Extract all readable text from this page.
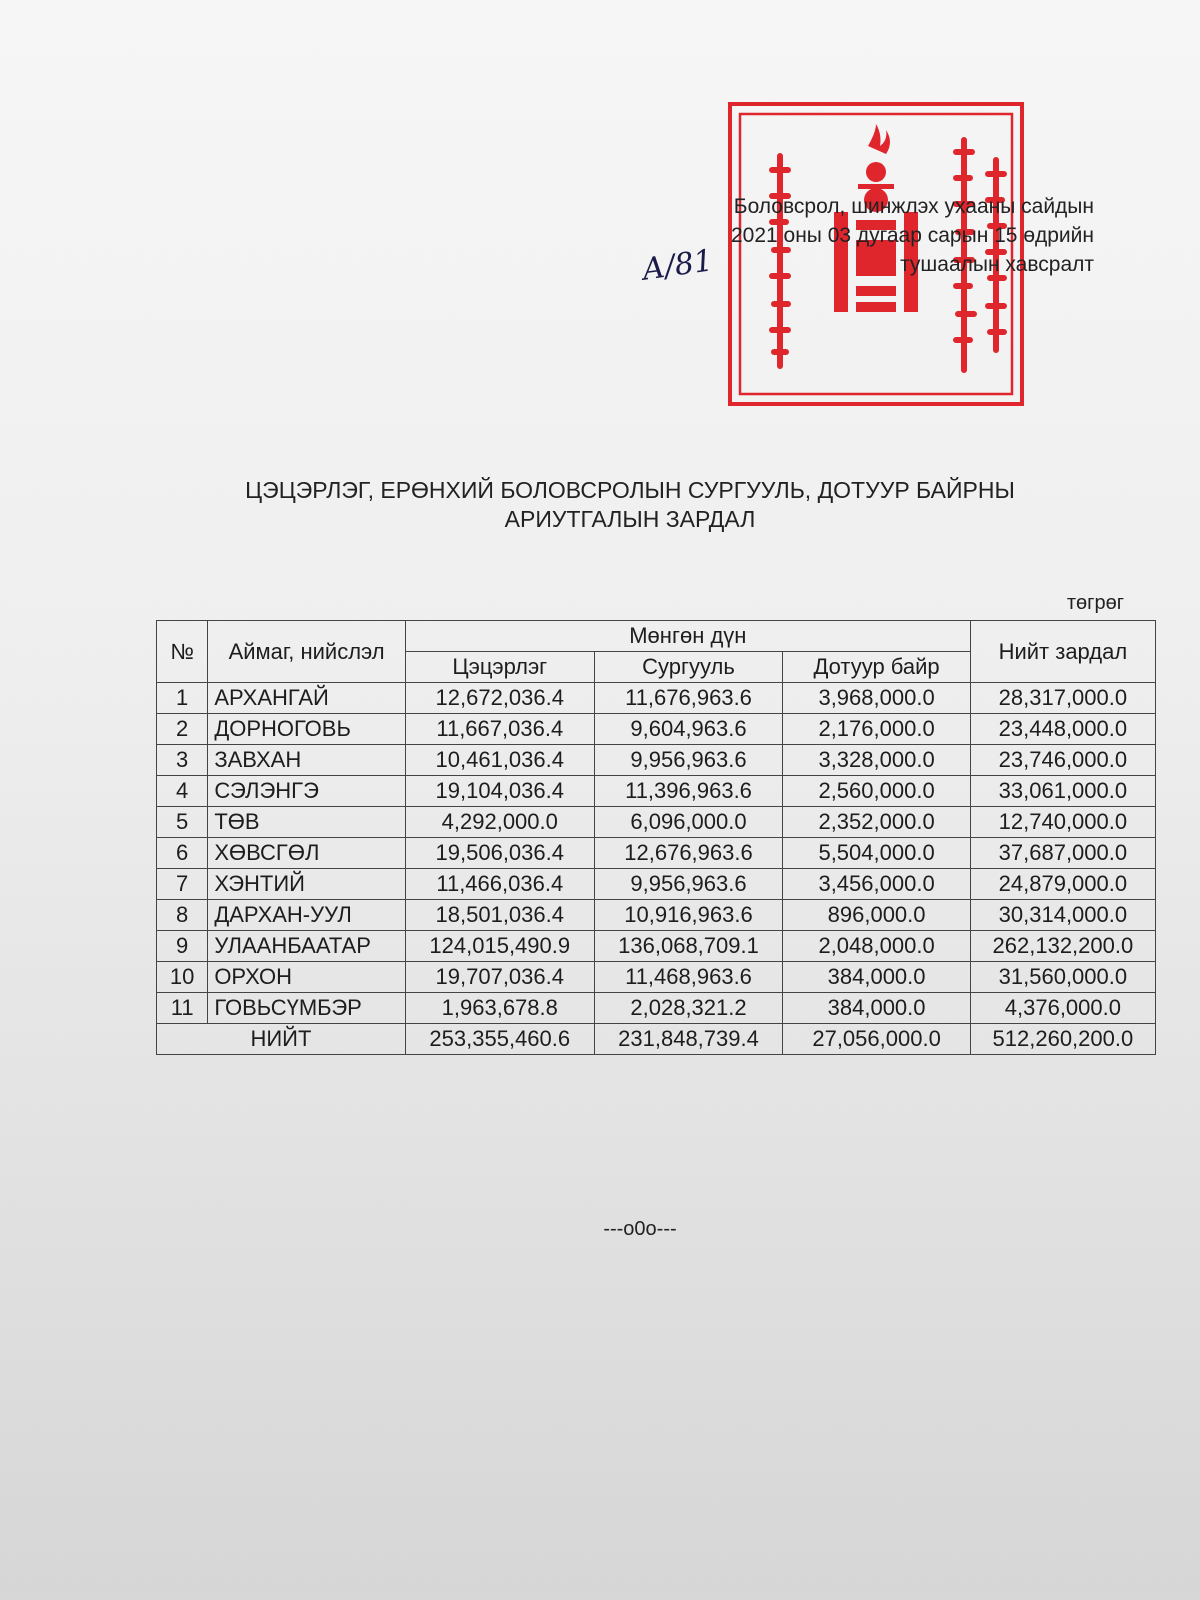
Боловсрол, шинжлэх ухааны сайдын
2021 оны 03 дугаар сарын 15 өдрийн
тушаалын хавсралт
А/81
ЦЭЦЭРЛЭГ, ЕРӨНХИЙ БОЛОВСРОЛЫН СУРГУУЛЬ, ДОТУУР БАЙРНЫ
АРИУТГАЛЫН ЗАРДАЛ
төгрөг
№	Аймаг, нийслэл	Мөнгөн дүн			Нийт зардал
		Цэцэрлэг	Сургууль	Дотуур байр	
1	АРХАНГАЙ	12,672,036.4	11,676,963.6	3,968,000.0	28,317,000.0
2	ДОРНОГОВЬ	11,667,036.4	9,604,963.6	2,176,000.0	23,448,000.0
3	ЗАВХАН	10,461,036.4	9,956,963.6	3,328,000.0	23,746,000.0
4	СЭЛЭНГЭ	19,104,036.4	11,396,963.6	2,560,000.0	33,061,000.0
5	ТӨВ	4,292,000.0	6,096,000.0	2,352,000.0	12,740,000.0
6	ХӨВСГӨЛ	19,506,036.4	12,676,963.6	5,504,000.0	37,687,000.0
7	ХЭНТИЙ	11,466,036.4	9,956,963.6	3,456,000.0	24,879,000.0
8	ДАРХАН-УУЛ	18,501,036.4	10,916,963.6	896,000.0	30,314,000.0
9	УЛААНБААТАР	124,015,490.9	136,068,709.1	2,048,000.0	262,132,200.0
10	ОРХОН	19,707,036.4	11,468,963.6	384,000.0	31,560,000.0
11	ГОВЬСҮМБЭР	1,963,678.8	2,028,321.2	384,000.0	4,376,000.0
НИЙТ		253,355,460.6	231,848,739.4	27,056,000.0	512,260,200.0
---o0o---
